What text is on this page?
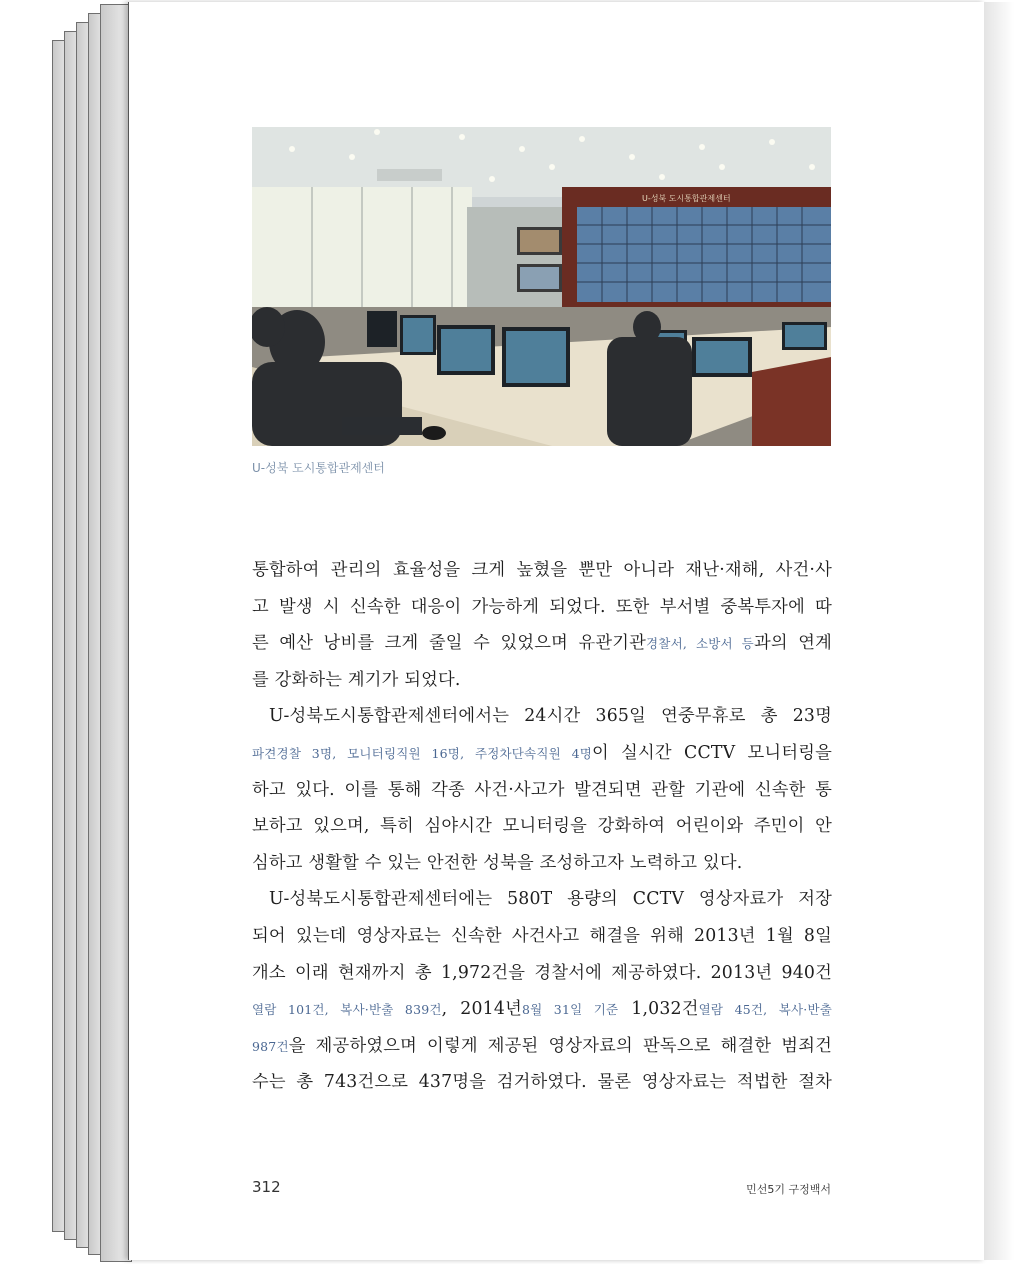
U-성북 도시통합관제센터
U-성북 도시통합관제센터
통합하여 관리의 효율성을 크게 높혔을 뿐만 아니라 재난·재해, 사건·사
고 발생 시 신속한 대응이 가능하게 되었다. 또한 부서별 중복투자에 따
른 예산 낭비를 크게 줄일 수 있었으며 유관기관경찰서, 소방서 등과의 연계
를 강화하는 계기가 되었다.
U-성북도시통합관제센터에서는 24시간 365일 연중무휴로 총 23명
파견경찰 3명, 모니터링직원 16명, 주정차단속직원 4명이 실시간 CCTV 모니터링을
하고 있다. 이를 통해 각종 사건·사고가 발견되면 관할 기관에 신속한 통
보하고 있으며, 특히 심야시간 모니터링을 강화하여 어린이와 주민이 안
심하고 생활할 수 있는 안전한 성북을 조성하고자 노력하고 있다.
U-성북도시통합관제센터에는 580T 용량의 CCTV 영상자료가 저장
되어 있는데 영상자료는 신속한 사건사고 해결을 위해 2013년 1월 8일
개소 이래 현재까지 총 1,972건을 경찰서에 제공하였다. 2013년 940건
열람 101건, 복사·반출 839건, 2014년8월 31일 기준 1,032건열람 45건, 복사·반출
987건을 제공하였으며 이렇게 제공된 영상자료의 판독으로 해결한 범죄건
수는 총 743건으로 437명을 검거하였다. 물론 영상자료는 적법한 절차
312	민선5기 구정백서
